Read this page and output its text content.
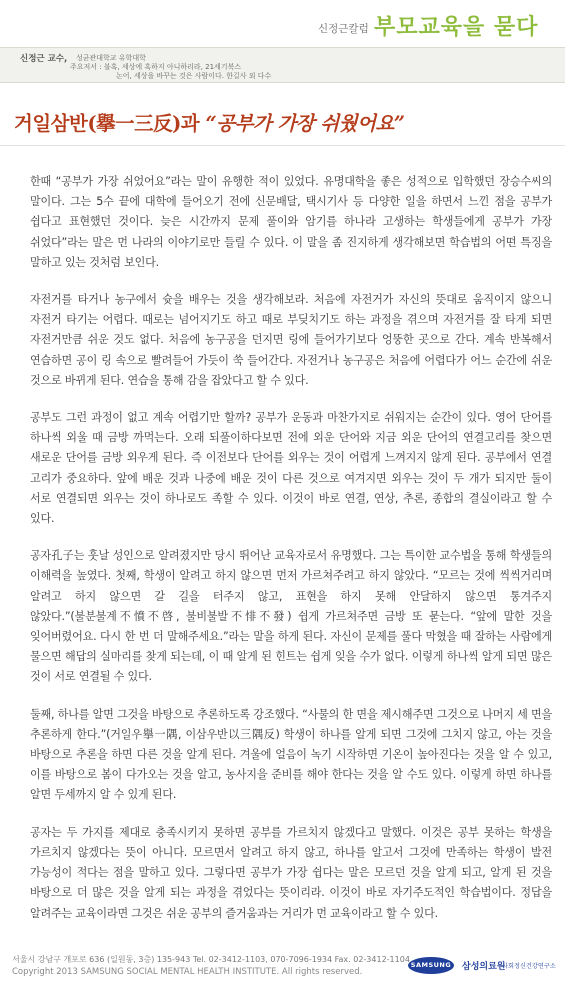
신정근칼럼 부모교육을 묻다
신정근 교수, 성균관대학교 유학대학
주요저서 : 불혹, 세상에 혹하지 아니하리라, 21세기북스
논어, 세상을 바꾸는 것은 사람이다. 한길사 외 다수
거일삼반(擧一三反)과 “공부가 가장 쉬웠어요”

한때 “공부가 가장 쉬었어요”라는 말이 유행한 적이 있었다. 유명대학을 좋은 성적으로 입학했던 장승수씨의 말이다. 그는 5수 끝에 대학에 들어오기 전에 신문배달, 택시기사 등 다양한 일을 하면서 느낀 점을 공부가 쉽다고 표현했던 것이다. 늦은 시간까지 문제 풀이와 암기를 하나라 고생하는 학생들에게 공부가 가장 쉬었다”라는 말은 먼 나라의 이야기로만 들릴 수 있다. 이 말을 좀 진지하게 생각해보면 학습법의 어떤 특징을 말하고 있는 것처럼 보인다.

자전거를 타거나 농구에서 슛을 배우는 것을 생각해보라. 처음에 자전거가 자신의 뜻대로 움직이지 않으니 자전거 타기는 어렵다. 때로는 넘어지기도 하고 때로 부딪치기도 하는 과정을 겪으며 자전거를 잘 타게 되면 자전거만큼 쉬운 것도 없다. 처음에 농구공을 던지면 링에 들어가기보다 엉뚱한 곳으로 간다. 계속 반복해서 연습하면 공이 링 속으로 빨려들어 가듯이 쑥 들어간다. 자전거나 농구공은 처음에 어렵다가 어느 순간에 쉬운 것으로 바뀌게 된다. 연습을 통해 감을 잡았다고 할 수 있다.

공부도 그런 과정이 없고 계속 어렵기만 할까? 공부가 운동과 마찬가지로 쉬워지는 순간이 있다. 영어 단어를 하나씩 외울 때 금방 까먹는다. 오래 되풀이하다보면 전에 외운 단어와 지금 외운 단어의 연결고리를 찾으면 새로운 단어를 금방 외우게 된다. 즉 이전보다 단어를 외우는 것이 어렵게 느껴지지 않게 된다. 공부에서 연결 고리가 중요하다. 앞에 배운 것과 나중에 배운 것이 다른 것으로 여겨지면 외우는 것이 두 개가 되지만 둘이 서로 연결되면 외우는 것이 하나로도 족할 수 있다. 이것이 바로 연결, 연상, 추론, 종합의 결실이라고 할 수 있다.

공자孔子는 훗날 성인으로 알려졌지만 당시 뛰어난 교육자로서 유명했다. 그는 특이한 교수법을 통해 학생들의 이해력을 높였다. 첫째, 학생이 알려고 하지 않으면 먼저 가르쳐주려고 하지 않았다. “모르는 것에 씩씩거리며 알려고 하지 않으면 갈 길을 터주지 않고, 표현을 하지 못해 안달하지 않으면 통겨주지 않았다.”(불분불계不憤不啓, 불비불발不悱不發) 쉽게 가르쳐주면 금방 또 묻는다. “앞에 말한 것을 잊어버렸어요. 다시 한 번 더 말해주세요.”라는 말을 하게 된다. 자신이 문제를 풀다 막혔을 때 잘하는 사람에게 물으면 해답의 실마리를 찾게 되는데, 이 때 알게 된 힌트는 쉽게 잊을 수가 없다. 이렇게 하나씩 알게 되면 많은 것이 서로 연결될 수 있다.

둘째, 하나를 알면 그것을 바탕으로 추론하도록 강조했다. “사물의 한 면을 제시해주면 그것으로 나머지 세 면을 추론하게 한다.”(거일우擧一隅, 이삼우반以三隅反) 학생이 하나를 알게 되면 그것에 그치지 않고, 아는 것을 바탕으로 추론을 하면 다른 것을 알게 된다. 겨울에 얼음이 녹기 시작하면 기온이 높아진다는 것을 알 수 있고, 이를 바탕으로 봄이 다가오는 것을 알고, 농사지을 준비를 해야 한다는 것을 알 수도 있다. 이렇게 하면 하나를 알면 두세까지 알 수 있게 된다.

공자는 두 가지를 제대로 충족시키지 못하면 공부를 가르치지 않겠다고 말했다. 이것은 공부 못하는 학생을 가르치지 않겠다는 뜻이 아니다. 모르면서 알려고 하지 않고, 하나를 알고서 그것에 만족하는 학생이 발전 가능성이 적다는 점을 말하고 있다. 그렇다면 공부가 가장 쉽다는 말은 모르던 것을 알게 되고, 알게 된 것을 바탕으로 더 많은 것을 알게 되는 과정을 겪었다는 뜻이리라. 이것이 바로 자기주도적인 학습법이다. 정답을 알려주는 교육이라면 그것은 쉬운 공부의 즐거움과는 거리가 먼 교육이라고 할 수 있다.

서울시 강남구 개포로 636 (일원동, 3층) 135-943 Tel. 02-3412-1103, 070-7096-1934 Fax. 02-3412-1104
Copyright 2013 SAMSUNG SOCIAL MENTAL HEALTH INSTITUTE. All rights reserved.
SAMSUNG	삼성의료원
사회정신건강연구소
